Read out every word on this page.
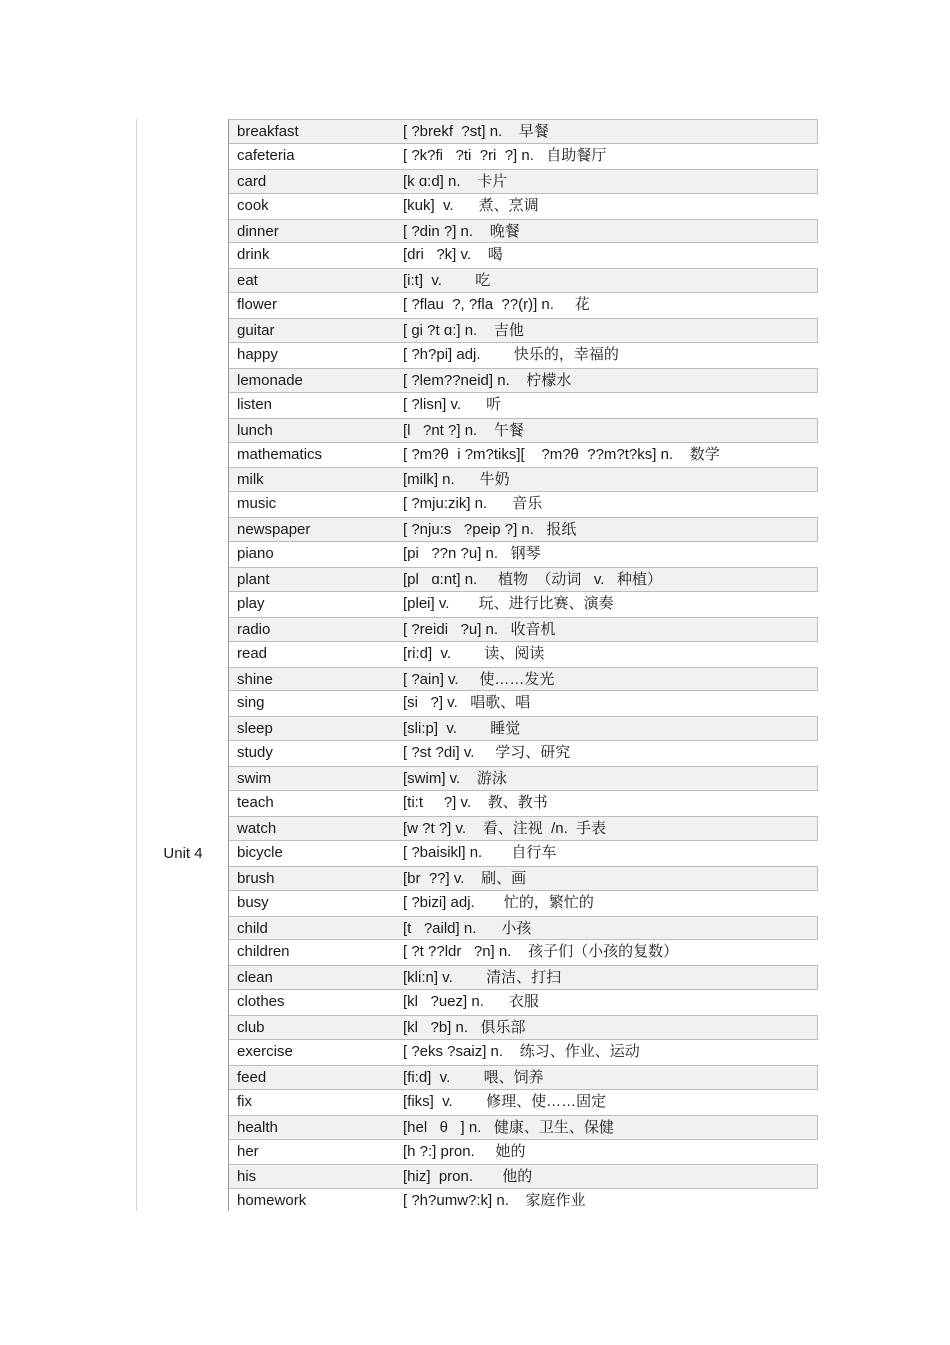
Unit 4
breakfast	[ ?brekf  ?st] n.    早餐
cafeteria	[ ?k?fi   ?ti  ?ri  ?] n.   自助餐厅
card	[k ɑ:d] n.    卡片
cook	[kuk]  v.      煮、烹调
dinner	[ ?din ?] n.    晚餐
drink	[dri   ?k] v.    喝
eat	[i:t]  v.        吃
flower	[ ?flau  ?, ?fla  ??(r)] n.     花
guitar	[ gi ?t ɑ:] n.    吉他
happy	[ ?h?pi] adj.        快乐的，幸福的
lemonade	[ ?lem??neid] n.    柠檬水
listen	[ ?lisn] v.      听
lunch	[l   ?nt ?] n.    午餐
mathematics	[ ?m?θ  i ?m?tiks][    ?m?θ  ??m?t?ks] n.    数学
milk	[milk] n.      牛奶
music	[ ?mju:zik] n.      音乐
newspaper	[ ?nju:s   ?peip ?] n.   报纸
piano	[pi   ??n ?u] n.   钢琴
plant	[pl   ɑ:nt] n.     植物  （动词   v.   种植）
play	[plei] v.       玩、进行比赛、演奏
radio	[ ?reidi   ?u] n.   收音机
read	[ri:d]  v.        读、阅读
shine	[ ?ain] v.     使……发光
sing	[si   ?] v.   唱歌、唱
sleep	[sli:p]  v.        睡觉
study	[ ?st ?di] v.     学习、研究
swim	[swim] v.    游泳
teach	[ti:t     ?] v.    教、教书
watch	[w ?t ?] v.    看、注视  /n.  手表
bicycle	[ ?baisikl] n.       自行车
brush	[br  ??] v.    刷、画
busy	[ ?bizi] adj.       忙的，繁忙的
child	[t   ?aild] n.      小孩
children	[ ?t ??ldr   ?n] n.    孩子们（小孩的复数）
clean	[kli:n] v.        清洁、打扫
clothes	[kl   ?uez] n.      衣服
club	[kl   ?b] n.   俱乐部
exercise	[ ?eks ?saiz] n.    练习、作业、运动
feed	[fi:d]  v.        喂、饲养
fix	[fiks]  v.        修理、使……固定
health	[hel   θ   ] n.   健康、卫生、保健
her	[h ?:] pron.     她的
his	[hiz]  pron.       他的
homework	[ ?h?umw?:k] n.    家庭作业
